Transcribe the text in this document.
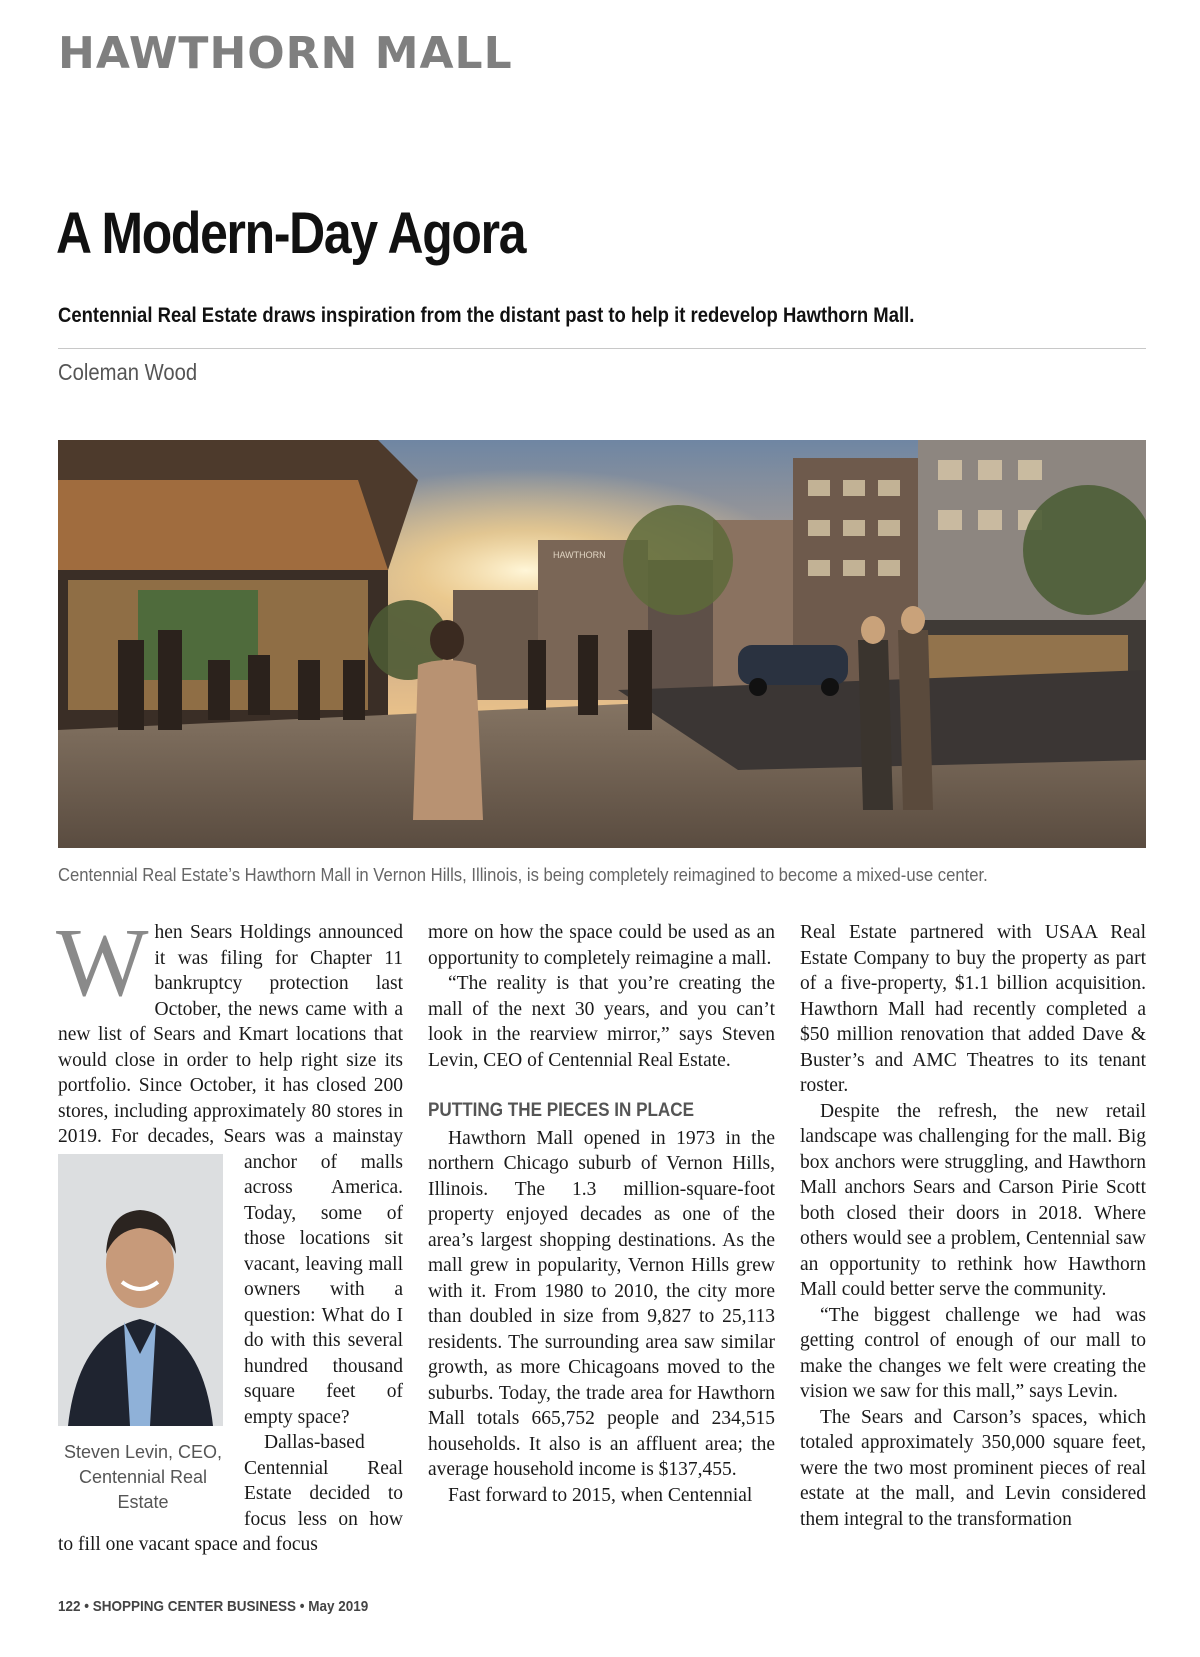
HAWTHORN MALL
A Modern-Day Agora
Centennial Real Estate draws inspiration from the distant past to help it redevelop Hawthorn Mall.
Coleman Wood
HAWTHORN
Centennial Real Estate’s Hawthorn Mall in Vernon Hills, Illinois, is being completely reimagined to become a mixed-use center.

When Sears Holdings announced it was filing for Chapter 11 bankruptcy protection last October, the news came with a new list of Sears and Kmart locations that would close in order to help right size its portfolio. Since October, it has closed 200 stores, including approximately 80 stores in 2019. For decades, Sears was a mainstay anchor of
Steven Levin, CEO, Centennial Real Estate
malls across America. Today, some of those locations sit vacant, leaving mall owners with a question: What do I do with this several hundred thousand square feet of empty space?

Dallas-based Centennial Real Estate decided to focus less on how to fill one vacant space and focus

more on how the space could be used as an opportunity to completely reimagine a mall.

“The reality is that you’re creating the mall of the next 30 years, and you can’t look in the rearview mirror,” says Steven Levin, CEO of Centennial Real Estate.

PUTTING THE PIECES IN PLACE

Hawthorn Mall opened in 1973 in the northern Chicago suburb of Vernon Hills, Illinois. The 1.3 million-square-foot property enjoyed decades as one of the area’s largest shopping destinations. As the mall grew in popularity, Vernon Hills grew with it. From 1980 to 2010, the city more than doubled in size from 9,827 to 25,113 residents. The surrounding area saw similar growth, as more Chicagoans moved to the suburbs. Today, the trade area for Hawthorn Mall totals 665,752 people and 234,515 households. It also is an affluent area; the average household income is $137,455.

Fast forward to 2015, when Centennial

Real Estate partnered with USAA Real Estate Company to buy the property as part of a five-property, $1.1 billion acquisition. Hawthorn Mall had recently completed a $50 million renovation that added Dave & Buster’s and AMC Theatres to its tenant roster.

Despite the refresh, the new retail landscape was challenging for the mall. Big box anchors were struggling, and Hawthorn Mall anchors Sears and Carson Pirie Scott both closed their doors in 2018. Where others would see a problem, Centennial saw an opportunity to rethink how Hawthorn Mall could better serve the community.

“The biggest challenge we had was getting control of enough of our mall to make the changes we felt were creating the vision we saw for this mall,” says Levin.

The Sears and Carson’s spaces, which totaled approximately 350,000 square feet, were the two most prominent pieces of real estate at the mall, and Levin considered them integral to the transformation

122 • SHOPPING CENTER BUSINESS • May 2019
